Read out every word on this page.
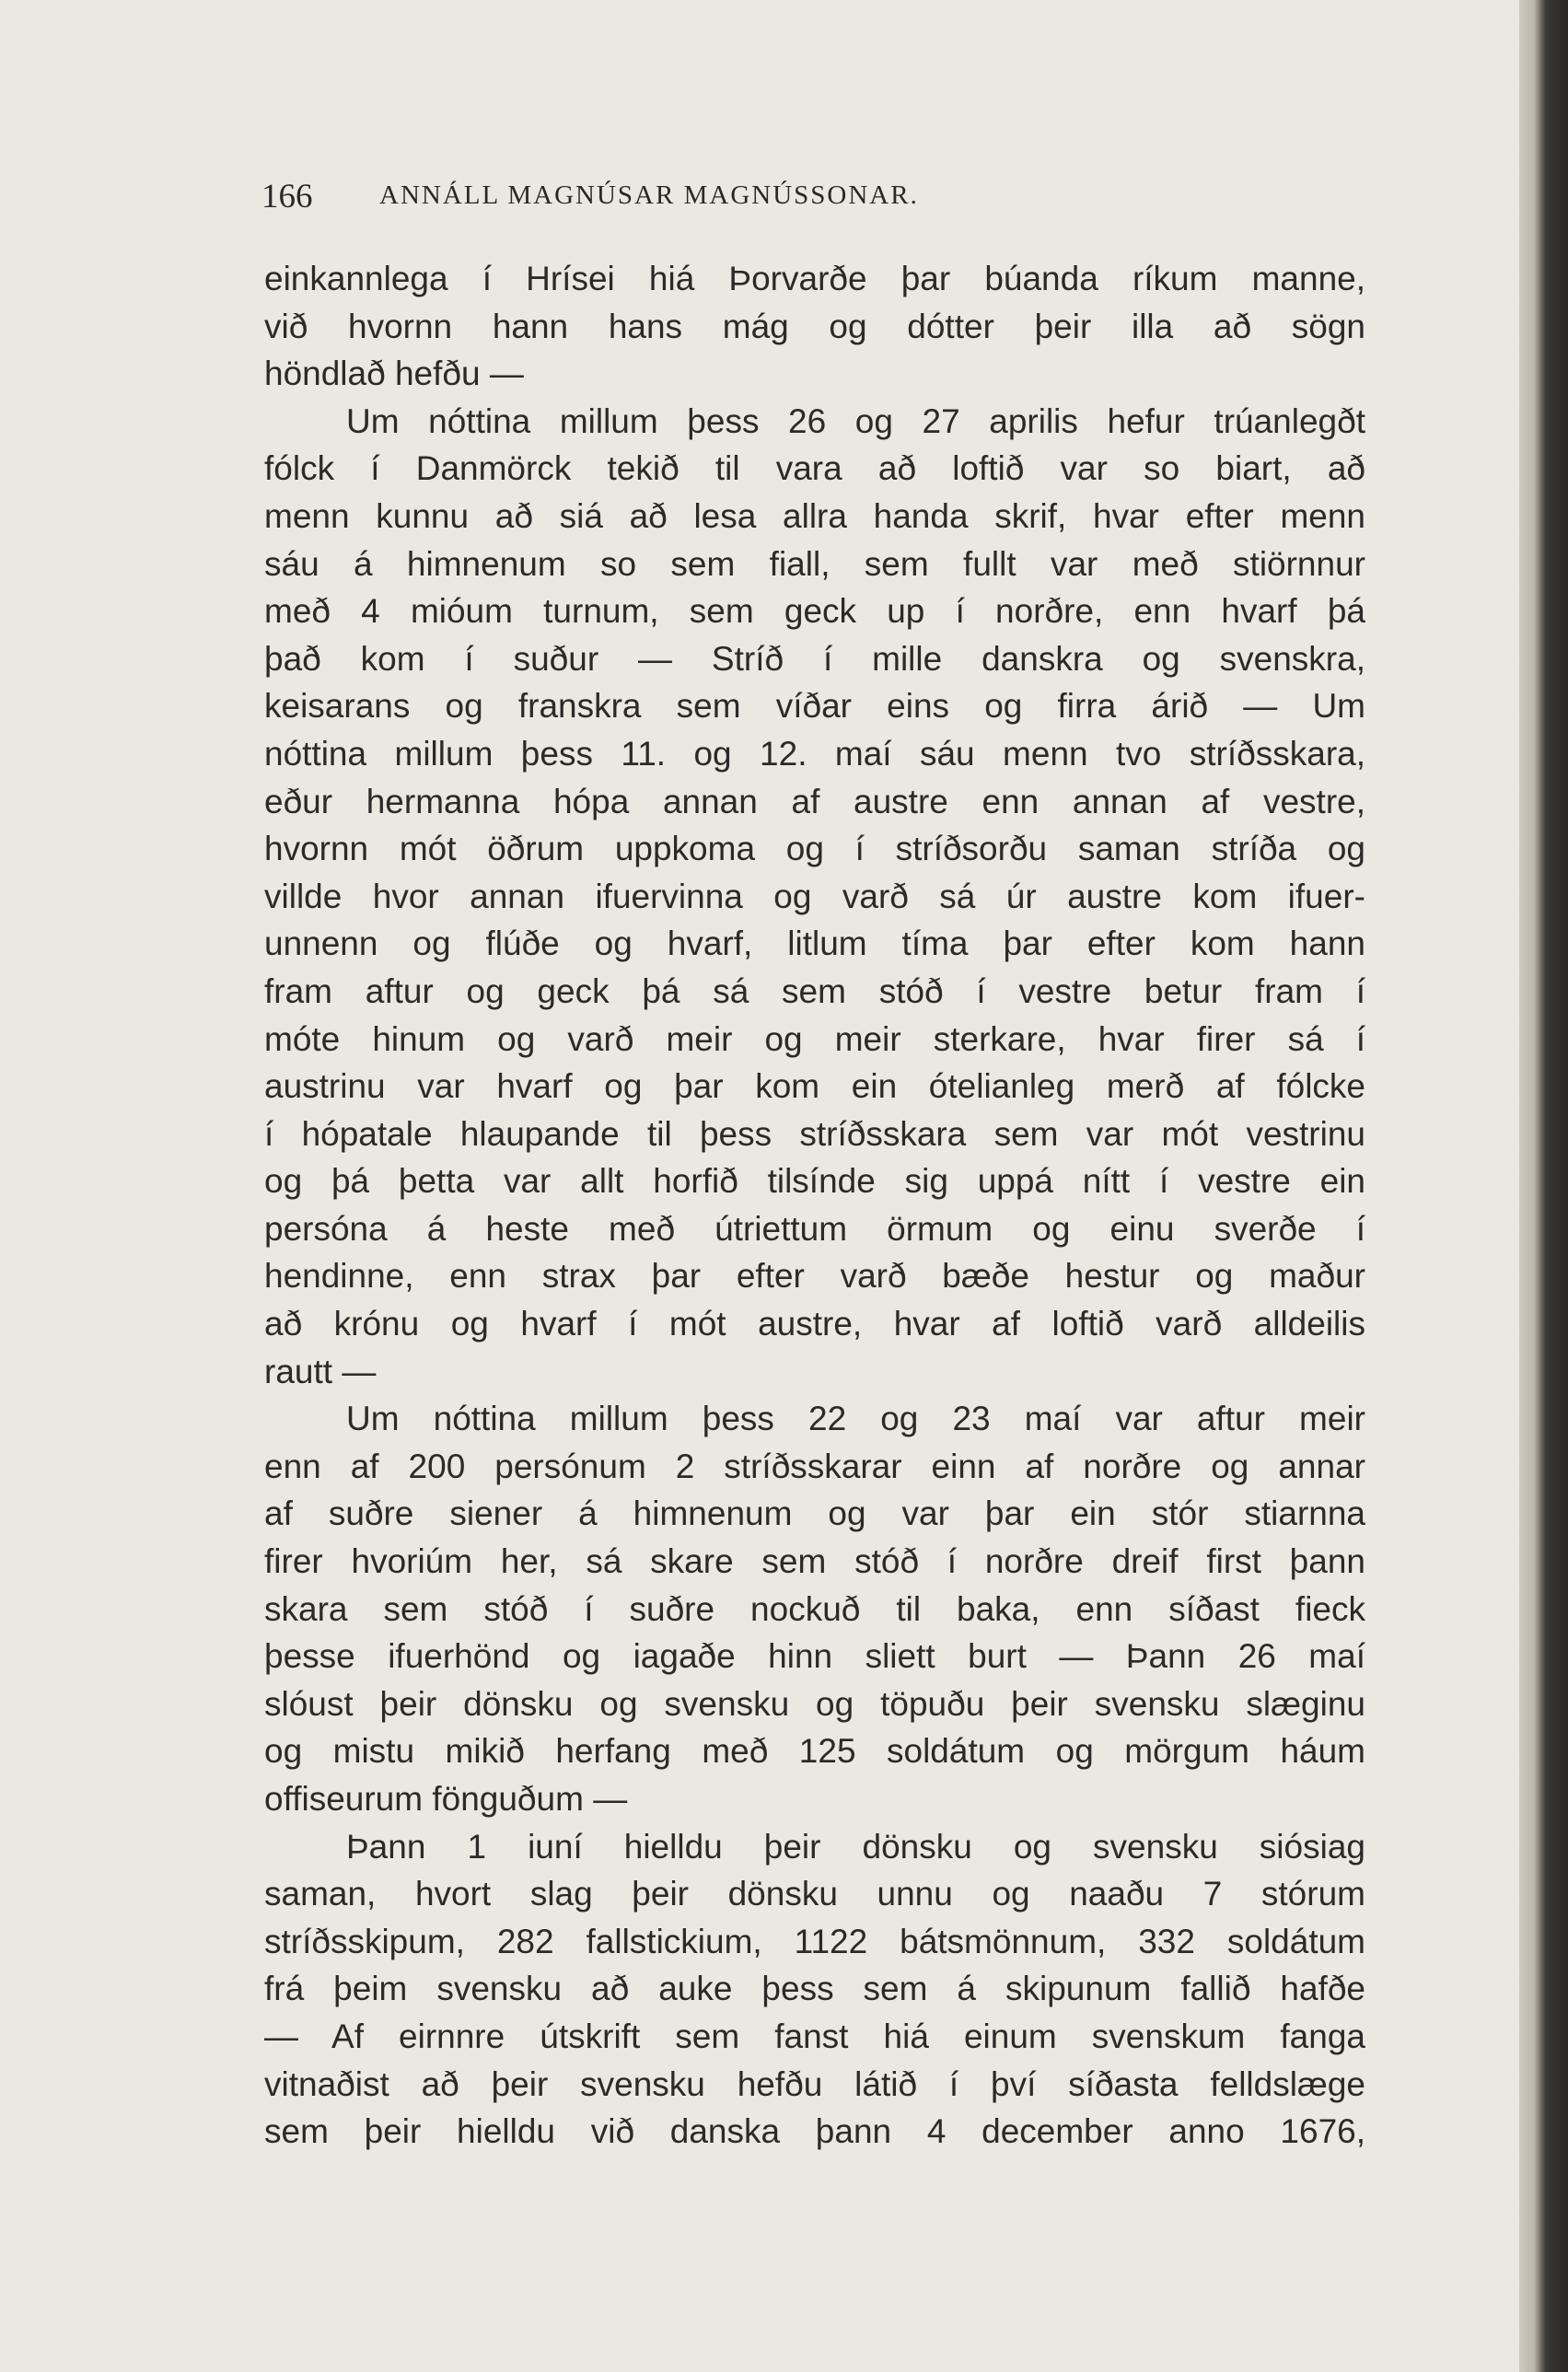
166	ANNÁLL MAGNÚSAR MAGNÚSSONAR.
einkannlega í Hrísei hiá Þorvarðe þar búanda ríkum manne,
við hvornn hann hans mág og dótter þeir illa að sögn
höndlað hefðu —
Um nóttina millum þess 26 og 27 aprilis hefur trúanlegðt
fólck í Danmörck tekið til vara að loftið var so biart, að
menn kunnu að siá að lesa allra handa skrif, hvar efter menn
sáu á himnenum so sem fiall, sem fullt var með stiörnnur
með 4 mióum turnum, sem geck up í norðre, enn hvarf þá
það kom í suður — Stríð í mille danskra og svenskra,
keisarans og franskra sem víðar eins og firra árið — Um
nóttina millum þess 11. og 12. maí sáu menn tvo stríðsskara,
eður hermanna hópa annan af austre enn annan af vestre,
hvornn mót öðrum uppkoma og í stríðsorðu saman stríða og
villde hvor annan ifuervinna og varð sá úr austre kom ifuer-
unnenn og flúðe og hvarf, litlum tíma þar efter kom hann
fram aftur og geck þá sá sem stóð í vestre betur fram í
móte hinum og varð meir og meir sterkare, hvar firer sá í
austrinu var hvarf og þar kom ein ótelianleg merð af fólcke
í hópatale hlaupande til þess stríðsskara sem var mót vestrinu
og þá þetta var allt horfið tilsínde sig uppá nítt í vestre ein
persóna á heste með útriettum örmum og einu sverðe í
hendinne, enn strax þar efter varð bæðe hestur og maður
að krónu og hvarf í mót austre, hvar af loftið varð alldeilis
rautt —
Um nóttina millum þess 22 og 23 maí var aftur meir
enn af 200 persónum 2 stríðsskarar einn af norðre og annar
af suðre siener á himnenum og var þar ein stór stiarnna
firer hvoriúm her, sá skare sem stóð í norðre dreif first þann
skara sem stóð í suðre nockuð til baka, enn síðast fieck
þesse ifuerhönd og iagaðe hinn sliett burt — Þann 26 maí
slóust þeir dönsku og svensku og töpuðu þeir svensku slæginu
og mistu mikið herfang með 125 soldátum og mörgum háum
offiseurum fönguðum —
Þann 1 iuní hielldu þeir dönsku og svensku siósiag
saman, hvort slag þeir dönsku unnu og naaðu 7 stórum
stríðsskipum, 282 fallstickium, 1122 bátsmönnum, 332 soldátum
frá þeim svensku að auke þess sem á skipunum fallið hafðe
— Af eirnnre útskrift sem fanst hiá einum svenskum fanga
vitnaðist að þeir svensku hefðu látið í því síðasta felldslæge
sem þeir hielldu við danska þann 4 december anno 1676,
